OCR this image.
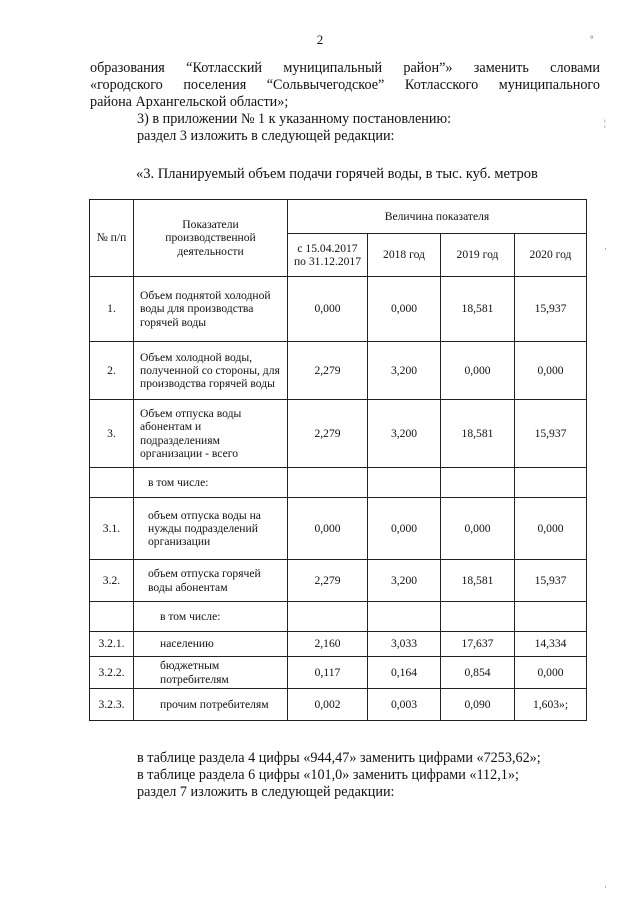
2
образования “Котласский муниципальный район”» заменить словами
«городского поселения “Сольвычегодское” Котласского муниципального
района Архангельской области»;
3) в приложении № 1 к указанному постановлению:
раздел 3 изложить в следующей редакции:
«3. Планируемый объем подачи горячей воды, в тыс. куб. метров
№ п/п	Показатели производственной деятельности	Величина показателя			
		с 15.04.2017 по 31.12.2017	2018 год	2019 год	2020 год
1.	Объем поднятой холодной воды для производства горячей воды	0,000	0,000	18,581	15,937
2.	Объем холодной воды, полученной со стороны, для производства горячей воды	2,279	3,200	0,000	0,000
3.	Объем отпуска воды абонентам и подразделениям организации - всего	2,279	3,200	18,581	15,937
	в том числе:				
3.1.	объем отпуска воды на нужды подразделений организации	0,000	0,000	0,000	0,000
3.2.	объем отпуска горячей воды абонентам	2,279	3,200	18,581	15,937
	в том числе:				
3.2.1.	населению	2,160	3,033	17,637	14,334
3.2.2.	бюджетным потребителям	0,117	0,164	0,854	0,000
3.2.3.	прочим потребителям	0,002	0,003	0,090	1,603»;
в таблице раздела 4 цифры «944,47» заменить цифрами «7253,62»;
в таблице раздела 6 цифры «101,0» заменить цифрами «112,1»;
раздел 7 изложить в следующей редакции:
°
¦
·
·
